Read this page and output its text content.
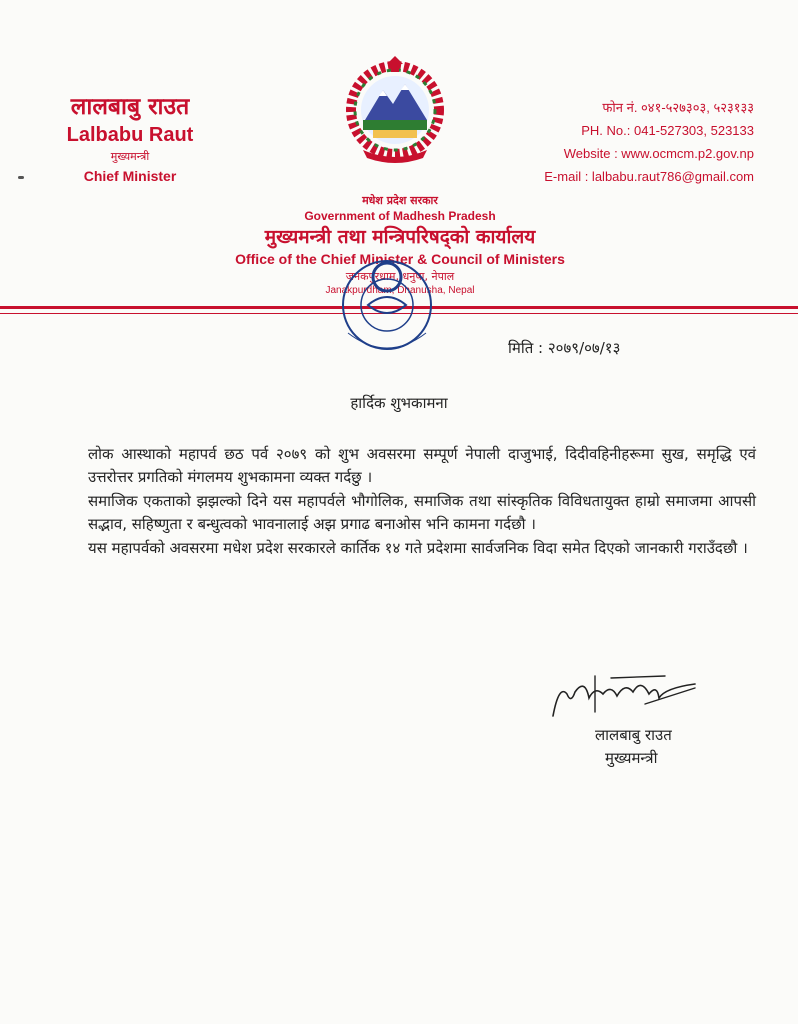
लालबाबु राउत
Lalbabu Raut
मुख्यमन्त्री
Chief Minister
फोन नं. ०४१-५२७३०३, ५२३१३३
PH. No.: 041-527303, 523133
Website : www.ocmcm.p2.gov.np
E-mail : lalbabu.raut786@gmail.com
मधेश प्रदेश सरकार
Government of Madhesh Pradesh
मुख्यमन्त्री तथा मन्त्रिपरिषद्को कार्यालय
Office of the Chief Minister & Council of Ministers
जनकपुरधाम, धनुषा, नेपाल
Janakpurdham, Dhanusha, Nepal
मिति : २०७९/०७/१३
हार्दिक शुभकामना

लोक आस्थाको महापर्व छठ पर्व २०७९ को शुभ अवसरमा सम्पूर्ण नेपाली दाजुभाई, दिदीवहिनीहरूमा सुख, समृद्धि एवं उत्तरोत्तर प्रगतिको मंगलमय शुभकामना व्यक्त गर्दछु ।

समाजिक एकताको झझल्को दिने यस महापर्वले भौगोलिक, समाजिक तथा सांस्कृतिक विविधतायुक्त हाम्रो समाजमा आपसी सद्भाव, सहिष्णुता र बन्धुत्वको भावनालाई अझ प्रगाढ बनाओस भनि कामना गर्दछौ ।

यस महापर्वको अवसरमा मधेश प्रदेश सरकारले कार्तिक १४ गते प्रदेशमा सार्वजनिक विदा समेत दिएको जानकारी गराउँदछौ ।

लालबाबु राउत
मुख्यमन्त्री
